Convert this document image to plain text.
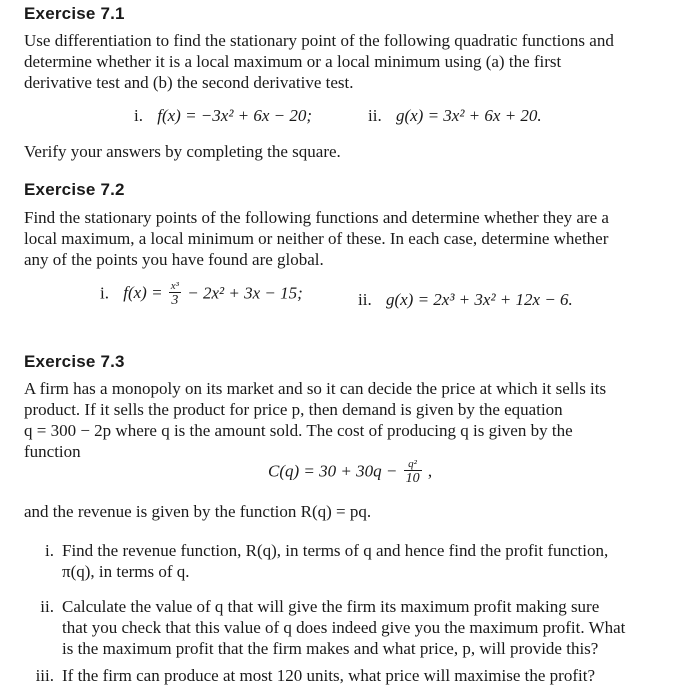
Exercise 7.1
Use differentiation to find the stationary point of the following quadratic functions and
determine whether it is a local maximum or a local minimum using (a) the first
derivative test and (b) the second derivative test.
i. f(x) = −3x² + 6x − 20;	ii. g(x) = 3x² + 6x + 20.
Verify your answers by completing the square.
Exercise 7.2
Find the stationary points of the following functions and determine whether they are a
local maximum, a local minimum or neither of these. In each case, determine whether
any of the points you have found are global.
i. $f(x) = \frac{\text{x³}}{3} - 2x^2 + 3x - 15$;	ii. g(x) = 2x³ + 3x² + 12x − 6.
Exercise 7.3
A firm has a monopoly on its market and so it can decide the price at which it sells its
product. If it sells the product for price p, then demand is given by the equation
q = 300 − 2p where q is the amount sold. The cost of producing q is given by the
function
$C(q) = 30 + 30q - \frac{\text{q²}}{10}$ ,
and the revenue is given by the function R(q) = pq.
i. Find the revenue function, R(q), in terms of q and hence find the profit function,
π(q), in terms of q.
ii. Calculate the value of q that will give the firm its maximum profit making sure
that you check that this value of q does indeed give you the maximum profit. What
is the maximum profit that the firm makes and what price, p, will provide this?
iii. If the firm can produce at most 120 units, what price will maximise the profit?
